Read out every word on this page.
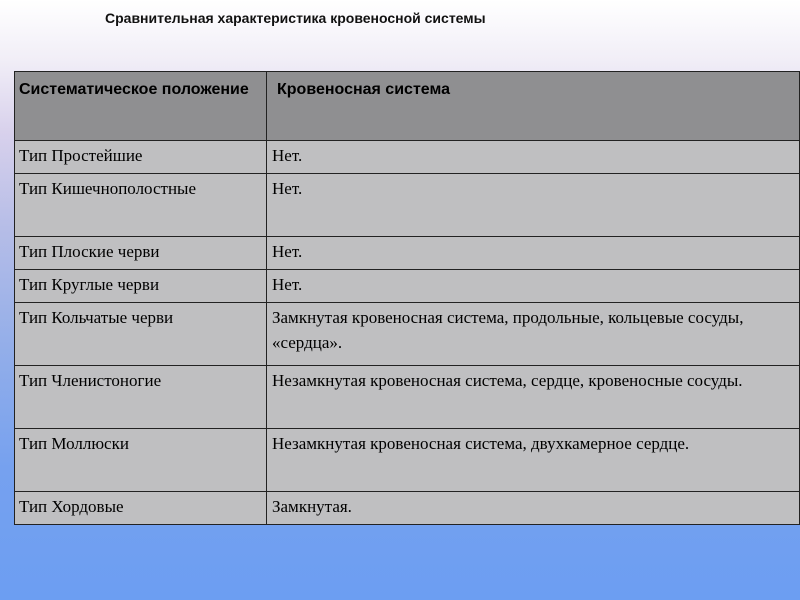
Сравнительная характеристика кровеносной системы
Систематическое положение	Кровеносная система
Тип Простейшие	Нет.
Тип Кишечнополостные	Нет.
Тип Плоские черви	Нет.
Тип Круглые черви	Нет.
Тип Кольчатые черви	Замкнутая кровеносная система, продольные, кольцевые сосуды, «сердца».
Тип Членистоногие	Незамкнутая кровеносная система, сердце, кровеносные сосуды.
Тип Моллюски	Незамкнутая кровеносная система, двухкамерное сердце.
Тип Хордовые	Замкнутая.
